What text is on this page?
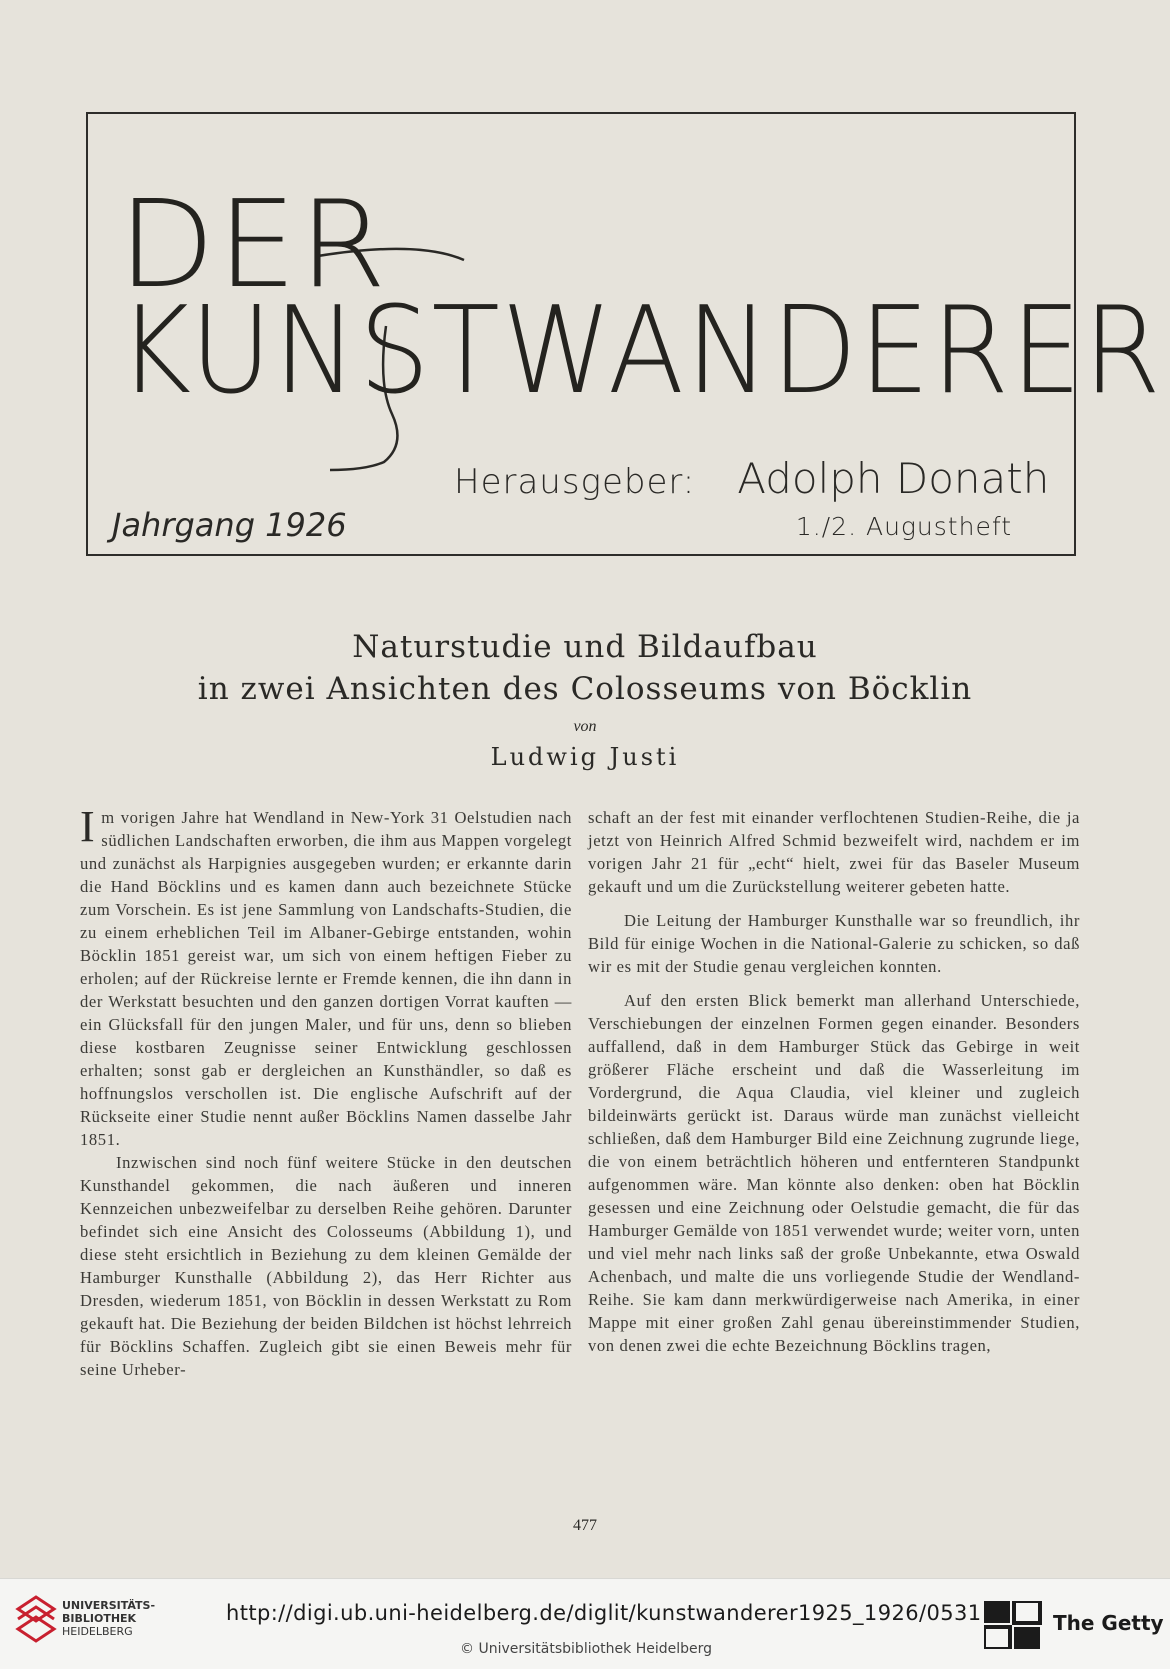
DER
KUNSTWANDERER
Herausgeber: Adolph Donath
Jahrgang 1926	1./2. Augustheft
Naturstudie und Bildaufbau
in zwei Ansichten des Colosseums von Böcklin
von
Ludwig Justi

Im vorigen Jahre hat Wendland in New-York 31 Oelstudien nach südlichen Landschaften erworben, die ihm aus Mappen vorgelegt und zunächst als Harpignies ausgegeben wurden; er erkannte darin die Hand Böcklins und es kamen dann auch bezeichnete Stücke zum Vorschein. Es ist jene Sammlung von Landschafts-Studien, die zu einem erheblichen Teil im Albaner-Gebirge entstanden, wohin Böcklin 1851 gereist war, um sich von einem heftigen Fieber zu erholen; auf der Rückreise lernte er Fremde kennen, die ihn dann in der Werkstatt besuchten und den ganzen dortigen Vorrat kauften — ein Glücksfall für den jungen Maler, und für uns, denn so blieben diese kostbaren Zeugnisse seiner Entwicklung geschlossen erhalten; sonst gab er dergleichen an Kunsthändler, so daß es hoffnungslos verschollen ist. Die englische Aufschrift auf der Rückseite einer Studie nennt außer Böcklins Namen dasselbe Jahr 1851.

Inzwischen sind noch fünf weitere Stücke in den deutschen Kunsthandel gekommen, die nach äußeren und inneren Kennzeichen unbezweifelbar zu derselben Reihe gehören. Darunter befindet sich eine Ansicht des Colosseums (Abbildung 1), und diese steht ersichtlich in Beziehung zu dem kleinen Gemälde der Hamburger Kunsthalle (Abbildung 2), das Herr Richter aus Dresden, wiederum 1851, von Böcklin in dessen Werkstatt zu Rom gekauft hat. Die Beziehung der beiden Bildchen ist höchst lehrreich für Böcklins Schaffen. Zugleich gibt sie einen Beweis mehr für seine Urheber-

schaft an der fest mit einander verflochtenen Studien-Reihe, die ja jetzt von Heinrich Alfred Schmid bezweifelt wird, nachdem er im vorigen Jahr 21 für „echt“ hielt, zwei für das Baseler Museum gekauft und um die Zurückstellung weiterer gebeten hatte.

Die Leitung der Hamburger Kunsthalle war so freundlich, ihr Bild für einige Wochen in die National-Galerie zu schicken, so daß wir es mit der Studie genau vergleichen konnten.

Auf den ersten Blick bemerkt man allerhand Unterschiede, Verschiebungen der einzelnen Formen gegen einander. Besonders auffallend, daß in dem Hamburger Stück das Gebirge in weit größerer Fläche erscheint und daß die Wasserleitung im Vordergrund, die Aqua Claudia, viel kleiner und zugleich bildeinwärts gerückt ist. Daraus würde man zunächst vielleicht schließen, daß dem Hamburger Bild eine Zeichnung zugrunde liege, die von einem beträchtlich höheren und entfernteren Standpunkt aufgenommen wäre. Man könnte also denken: oben hat Böcklin gesessen und eine Zeichnung oder Oelstudie gemacht, die für das Hamburger Gemälde von 1851 verwendet wurde; weiter vorn, unten und viel mehr nach links saß der große Unbekannte, etwa Oswald Achenbach, und malte die uns vorliegende Studie der Wendland-Reihe. Sie kam dann merkwürdigerweise nach Amerika, in einer Mappe mit einer großen Zahl genau übereinstimmender Studien, von denen zwei die echte Bezeichnung Böcklins tragen,

477
UNIVERSITÄTS-
BIBLIOTHEK
HEIDELBERG
http://digi.ub.uni-heidelberg.de/diglit/kunstwanderer1925_1926/0531
© Universitätsbibliothek Heidelberg
The Getty
